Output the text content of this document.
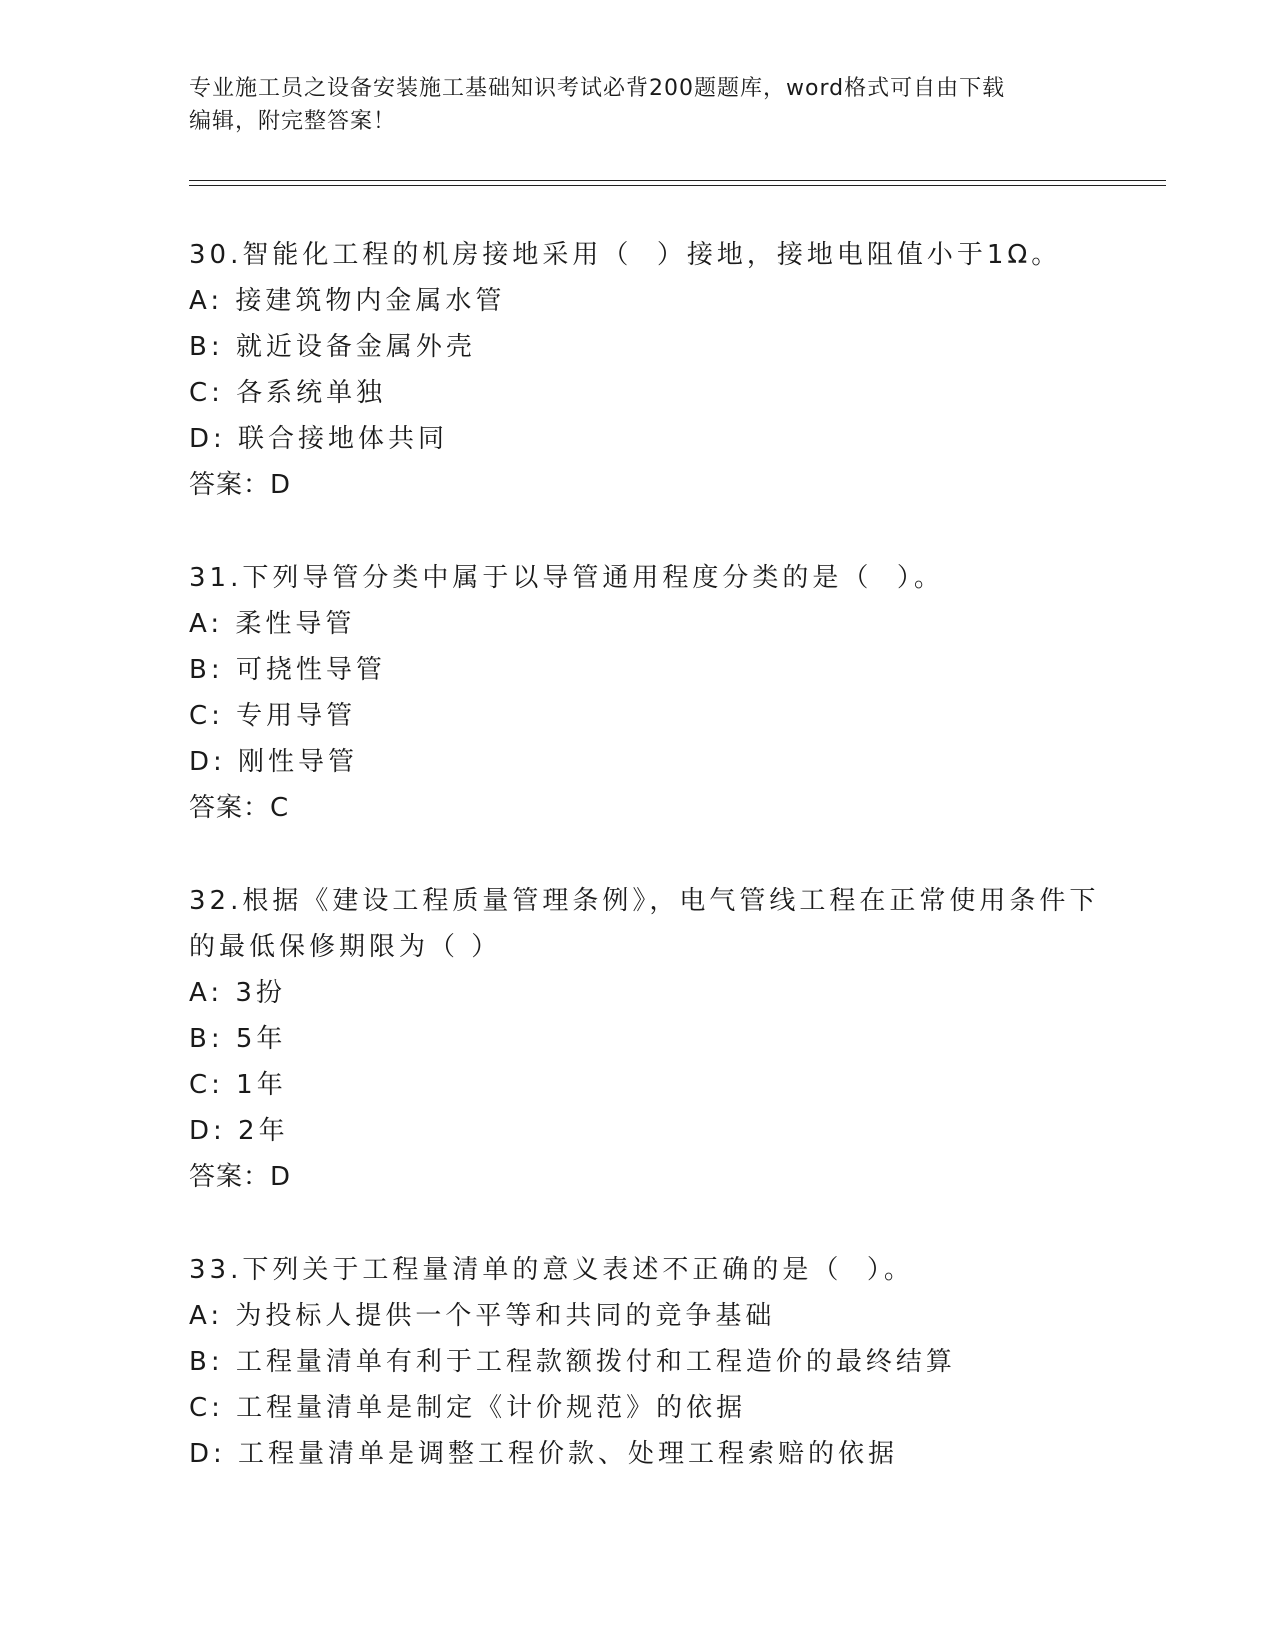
专业施工员之设备安装施工基础知识考试必背200题题库，word格式可自由下载
编辑，附完整答案！
30.智能化工程的机房接地采用（  ）接地，接地电阻值小于1Ω。
A: 接建筑物内金属水管
B: 就近设备金属外壳
C: 各系统单独
D: 联合接地体共同
答案：D
31.下列导管分类中属于以导管通用程度分类的是（  ）。
A: 柔性导管
B: 可挠性导管
C: 专用导管
D: 刚性导管
答案：C
32.根据《建设工程质量管理条例》，电气管线工程在正常使用条件下
的最低保修期限为（ ）
A: 3扮
B: 5年
C: 1年
D: 2年
答案：D
33.下列关于工程量清单的意义表述不正确的是（  ）。
A: 为投标人提供一个平等和共同的竞争基础
B: 工程量清单有利于工程款额拨付和工程造价的最终结算
C: 工程量清单是制定《计价规范》的依据
D: 工程量清单是调整工程价款、处理工程索赔的依据
